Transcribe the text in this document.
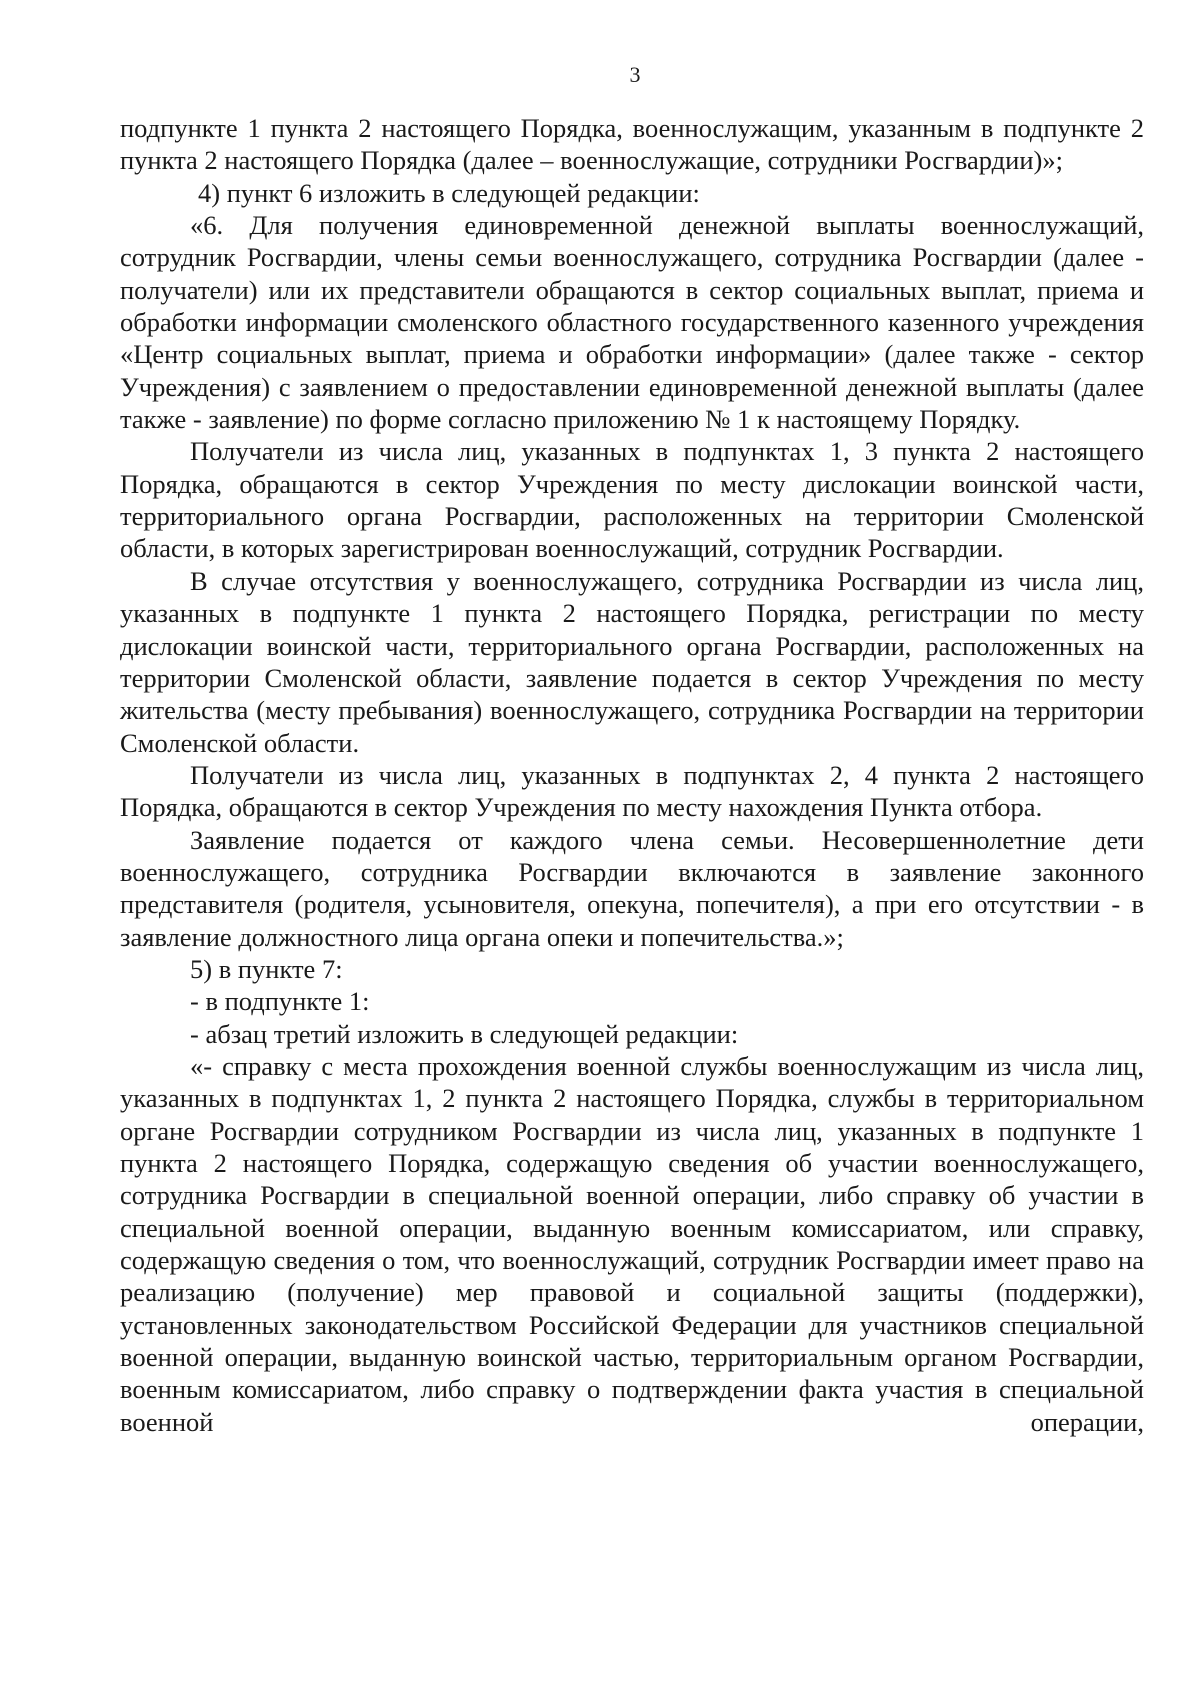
3

подпункте 1 пункта 2 настоящего Порядка, военнослужащим, указанным в подпункте 2 пункта 2 настоящего Порядка (далее – военнослужащие, сотрудники Росгвардии)»;

4) пункт 6 изложить в следующей редакции:

«6. Для получения единовременной денежной выплаты военнослужащий, сотрудник Росгвардии, члены семьи военнослужащего, сотрудника Росгвардии (далее - получатели) или их представители обращаются в сектор социальных выплат, приема и обработки информации смоленского областного государственного казенного учреждения «Центр социальных выплат, приема и обработки информации» (далее также - сектор Учреждения) с заявлением о предоставлении единовременной денежной выплаты (далее также - заявление) по форме согласно приложению № 1 к настоящему Порядку.

Получатели из числа лиц, указанных в подпунктах 1, 3 пункта 2 настоящего Порядка, обращаются в сектор Учреждения по месту дислокации воинской части, территориального органа Росгвардии, расположенных на территории Смоленской области, в которых зарегистрирован военнослужащий, сотрудник Росгвардии.

В случае отсутствия у военнослужащего, сотрудника Росгвардии из числа лиц, указанных в подпункте 1 пункта 2 настоящего Порядка, регистрации по месту дислокации воинской части, территориального органа Росгвардии, расположенных на территории Смоленской области, заявление подается в сектор Учреждения по месту жительства (месту пребывания) военнослужащего, сотрудника Росгвардии на территории Смоленской области.

Получатели из числа лиц, указанных в подпунктах 2, 4 пункта 2 настоящего Порядка, обращаются в сектор Учреждения по месту нахождения Пункта отбора.

Заявление подается от каждого члена семьи. Несовершеннолетние дети военнослужащего, сотрудника Росгвардии включаются в заявление законного представителя (родителя, усыновителя, опекуна, попечителя), а при его отсутствии - в заявление должностного лица органа опеки и попечительства.»;

5) в пункте 7:

- в подпункте 1:

- абзац третий изложить в следующей редакции:

«- справку с места прохождения военной службы военнослужащим из числа лиц, указанных в подпунктах 1, 2 пункта 2 настоящего Порядка, службы в территориальном органе Росгвардии сотрудником Росгвардии из числа лиц, указанных в подпункте 1 пункта 2 настоящего Порядка, содержащую сведения об участии военнослужащего, сотрудника Росгвардии в специальной военной операции, либо справку об участии в специальной военной операции, выданную военным комиссариатом, или справку, содержащую сведения о том, что военнослужащий, сотрудник Росгвардии имеет право на реализацию (получение) мер правовой и социальной защиты (поддержки), установленных законодательством Российской Федерации для участников специальной военной операции, выданную воинской частью, территориальным органом Росгвардии, военным комиссариатом, либо справку о подтверждении факта участия в специальной военной операции,
